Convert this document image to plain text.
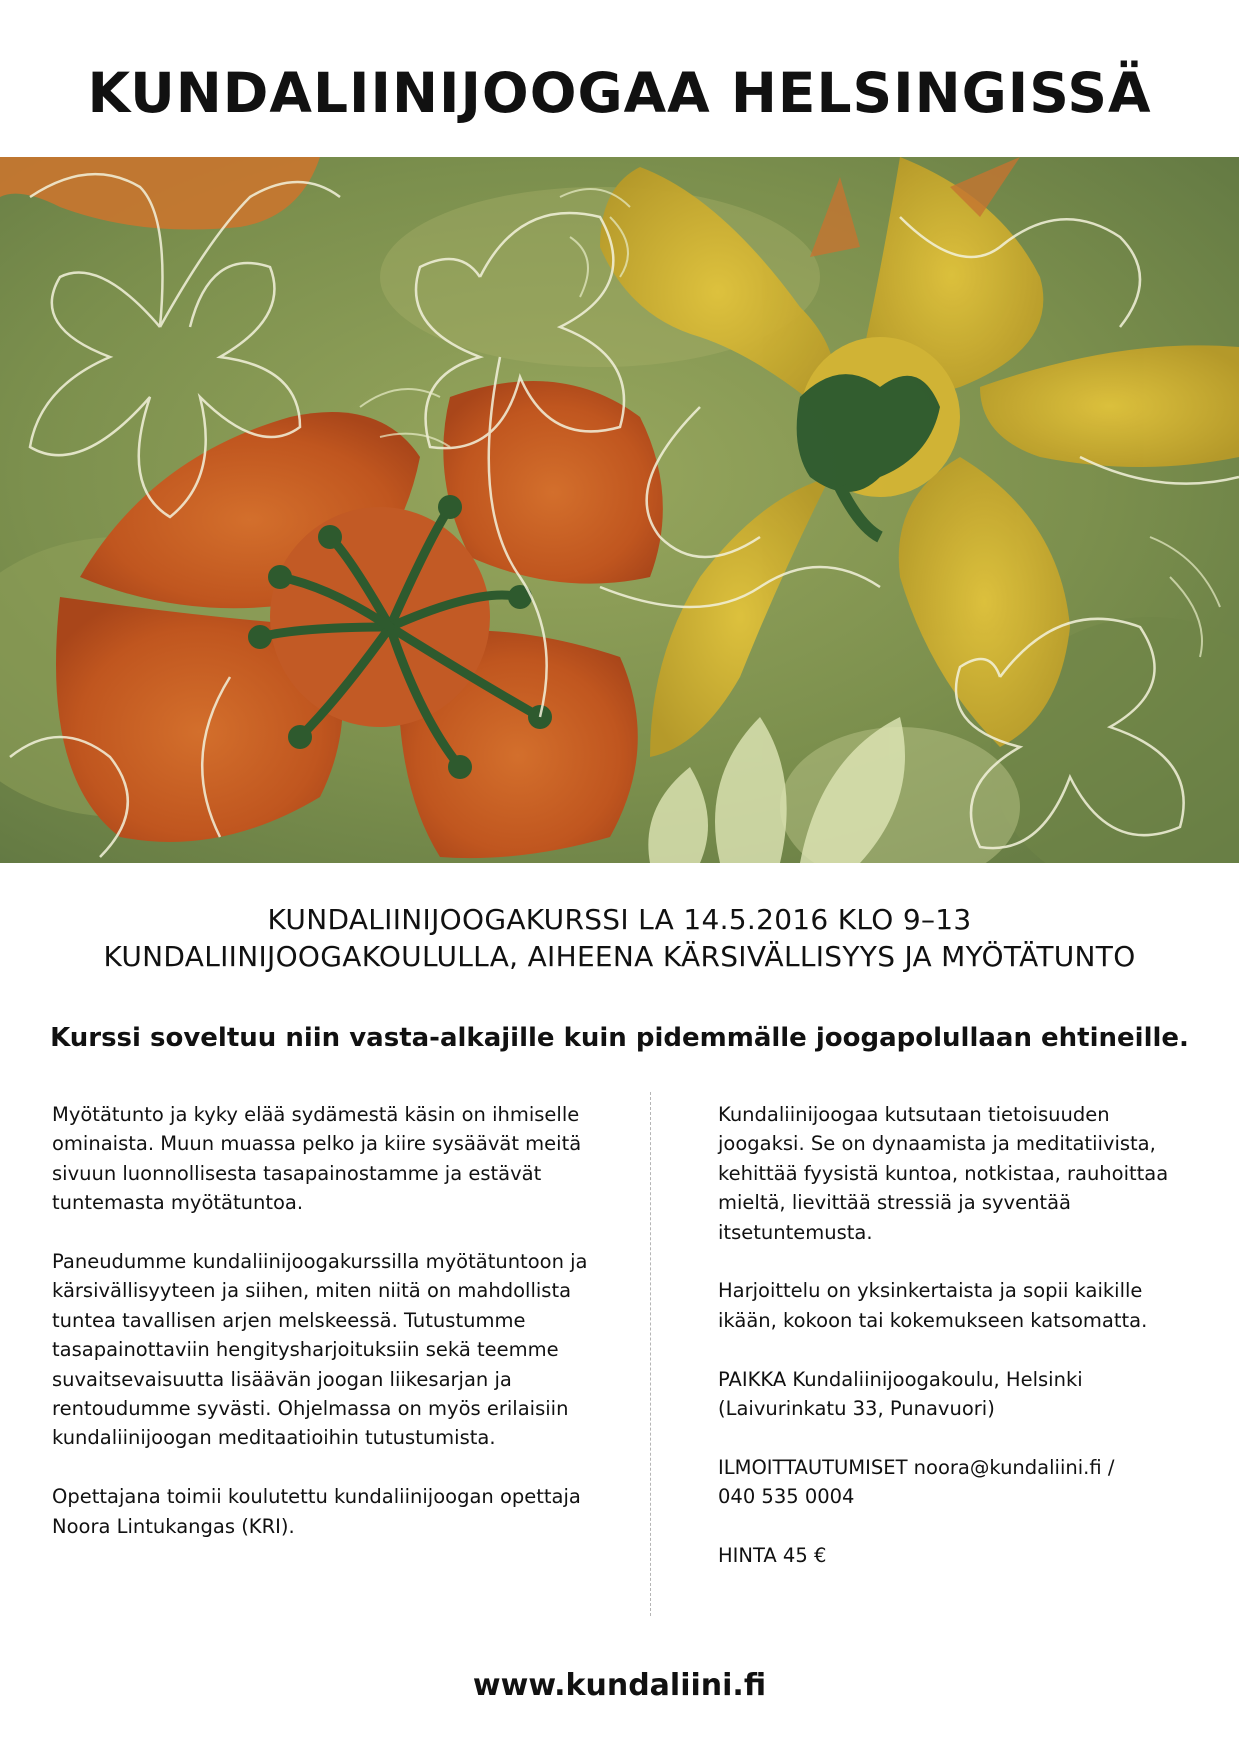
KUNDALIINIJOOGAA HELSINGISSÄ
KUNDALIINIJOOGAKURSSI LA 14.5.2016 KLO 9–13
KUNDALIINIJOOGAKOULULLA, AIHEENA KÄRSIVÄLLISYYS JA MYÖTÄTUNTO
Kurssi soveltuu niin vasta-alkajille kuin pidemmälle joogapolullaan ehtineille.

Myötätunto ja kyky elää sydämestä käsin on ihmiselle
ominaista. Muun muassa pelko ja kiire sysäävät meitä
sivuun luonnollisesta tasapainostamme ja estävät
tuntemasta myötätuntoa.

Paneudumme kundaliinijoogakurssilla myötätuntoon ja
kärsivällisyyteen ja siihen, miten niitä on mahdollista
tuntea tavallisen arjen melskeessä. Tutustumme
tasapainottaviin hengitysharjoituksiin sekä teemme
suvaitsevaisuutta lisäävän joogan liikesarjan ja
rentoudumme syvästi. Ohjelmassa on myös erilaisiin
kundaliinijoogan meditaatioihin tutustumista.

Opettajana toimii koulutettu kundaliinijoogan opettaja
Noora Lintukangas (KRI).

Kundaliinijoogaa kutsutaan tietoisuuden
joogaksi. Se on dynaamista ja meditatiivista,
kehittää fyysistä kuntoa, notkistaa, rauhoittaa
mieltä, lievittää stressiä ja syventää
itsetuntemusta.

Harjoittelu on yksinkertaista ja sopii kaikille
ikään, kokoon tai kokemukseen katsomatta.

PAIKKA Kundaliinijoogakoulu, Helsinki
(Laivurinkatu 33, Punavuori)

ILMOITTAUTUMISET noora@kundaliini.fi /
040 535 0004

HINTA 45 €

www.kundaliini.fi
